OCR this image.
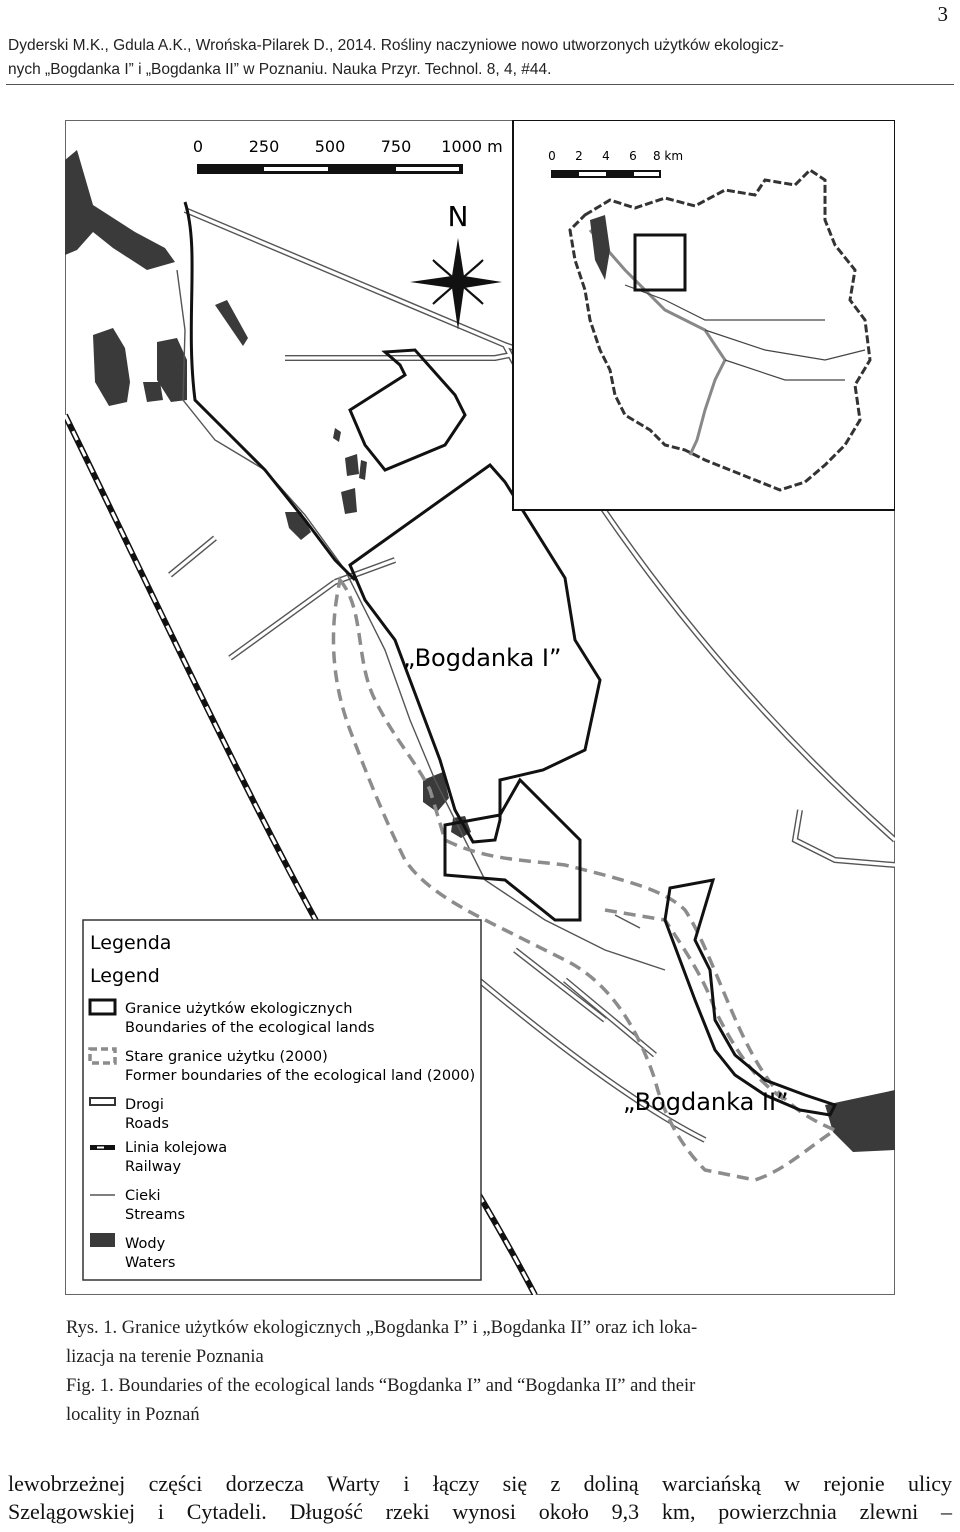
3
Dyderski M.K., Gdula A.K., Wrońska-Pilarek D., 2014. Rośliny naczyniowe nowo utworzonych użytków ekologicz-
nych „Bogdanka I” i „Bogdanka II” w Poznaniu. Nauka Przyr. Technol. 8, 4, #44.
0	250 500 750 1000 m	0 2 4 6 8 km
N
„Bogdanka I”
„Bogdanka II”
Legenda
Legend
Granice użytków ekologicznych
Boundaries of the ecological lands
Stare granice użytku (2000)
Former boundaries of the ecological land (2000)
Drogi
Roads
Linia kolejowa
Railway
Cieki
Streams
Wody
Waters

Rys. 1. Granice użytków ekologicznych „Bogdanka I” i „Bogdanka II” oraz ich loka-

lizacja na terenie Poznania

Fig. 1. Boundaries of the ecological lands “Bogdanka I” and “Bogdanka II” and their

locality in Poznań

lewobrzeżnej części dorzecza Warty i łączy się z doliną warciańską w rejonie ulicy

Szelągowskiej i Cytadeli. Długość rzeki wynosi około 9,3 km, powierzchnia zlewni –
